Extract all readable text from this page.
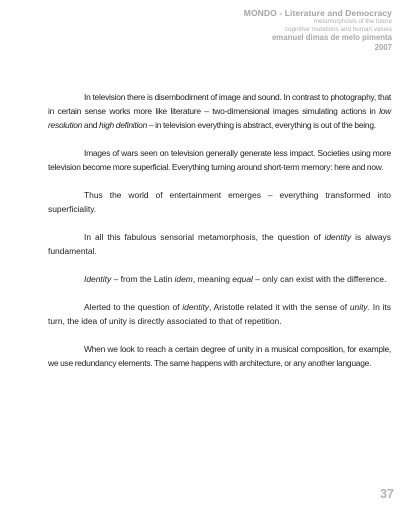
MONDO - Literature and Democracy
metamorphosis of the future
cognitive mutations and human values
emanuel dimas de melo pimenta
2007

In television there is disembodiment of image and sound. In contrast to photography, that in certain sense works more like literature – two-dimensional images simulating actions in low resolution and high definition – in television everything is abstract, everything is out of the being.

Images of wars seen on television generally generate less impact. Societies using more television become more superficial. Everything turning around short-term memory: here and now.

Thus the world of entertainment emerges – everything transformed into superficiality.

In all this fabulous sensorial metamorphosis, the question of identity is always fundamental.

Identity – from the Latin idem, meaning equal – only can exist with the difference.

Alerted to the question of identity, Aristotle related it with the sense of unity. In its turn, the idea of unity is directly associated to that of repetition.

When we look to reach a certain degree of unity in a musical composition, for example, we use redundancy elements. The same happens with architecture, or any another language.

37
